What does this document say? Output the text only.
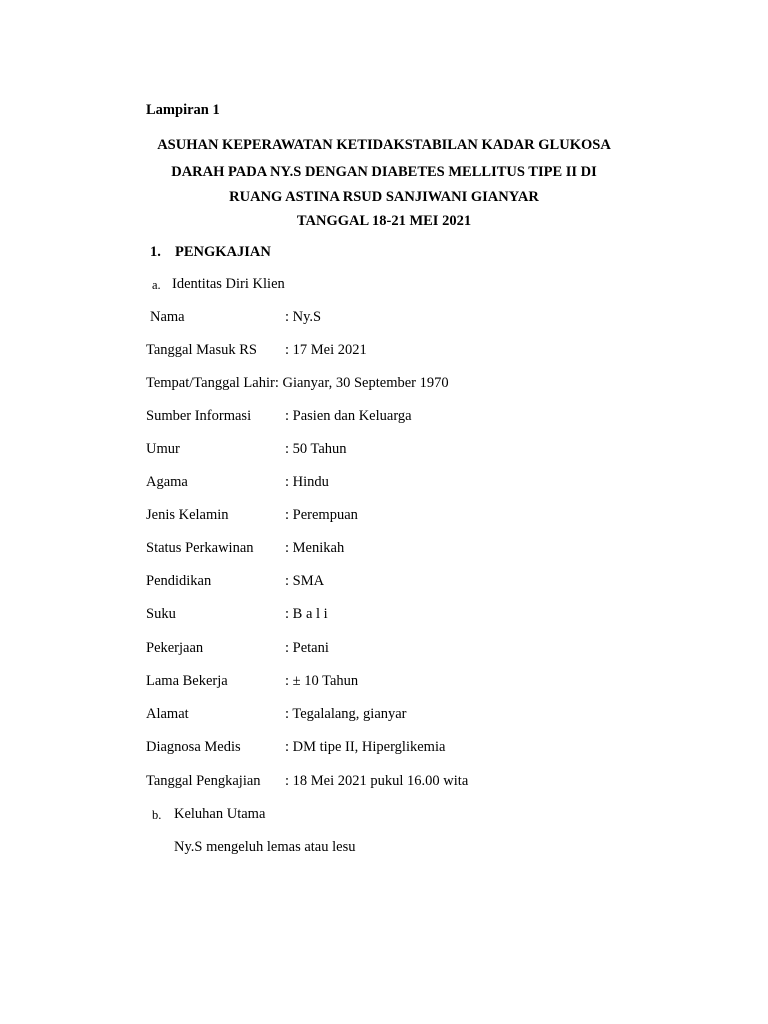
Lampiran 1
ASUHAN KEPERAWATAN KETIDAKSTABILAN KADAR GLUKOSA
DARAH PADA NY.S DENGAN DIABETES MELLITUS TIPE II DI
RUANG ASTINA RSUD SANJIWANI GIANYAR
TANGGAL 18-21 MEI 2021
1. PENGKAJIAN
a. Identitas Diri Klien
Nama	: Ny.S
Tanggal Masuk RS : 17 Mei 2021
Tempat/Tanggal Lahir: Gianyar, 30 September 1970
Sumber Informasi : Pasien dan Keluarga
Umur	: 50 Tahun
Agama	: Hindu
Jenis Kelamin	: Perempuan
Status Perkawinan : Menikah
Pendidikan	: SMA
Suku	: B a l i
Pekerjaan	: Petani
Lama Bekerja	: ± 10 Tahun
Alamat	: Tegalalang, gianyar
Diagnosa Medis	: DM tipe II, Hiperglikemia
Tanggal Pengkajian : 18 Mei 2021 pukul 16.00 wita
b. Keluhan Utama
Ny.S mengeluh lemas atau lesu
